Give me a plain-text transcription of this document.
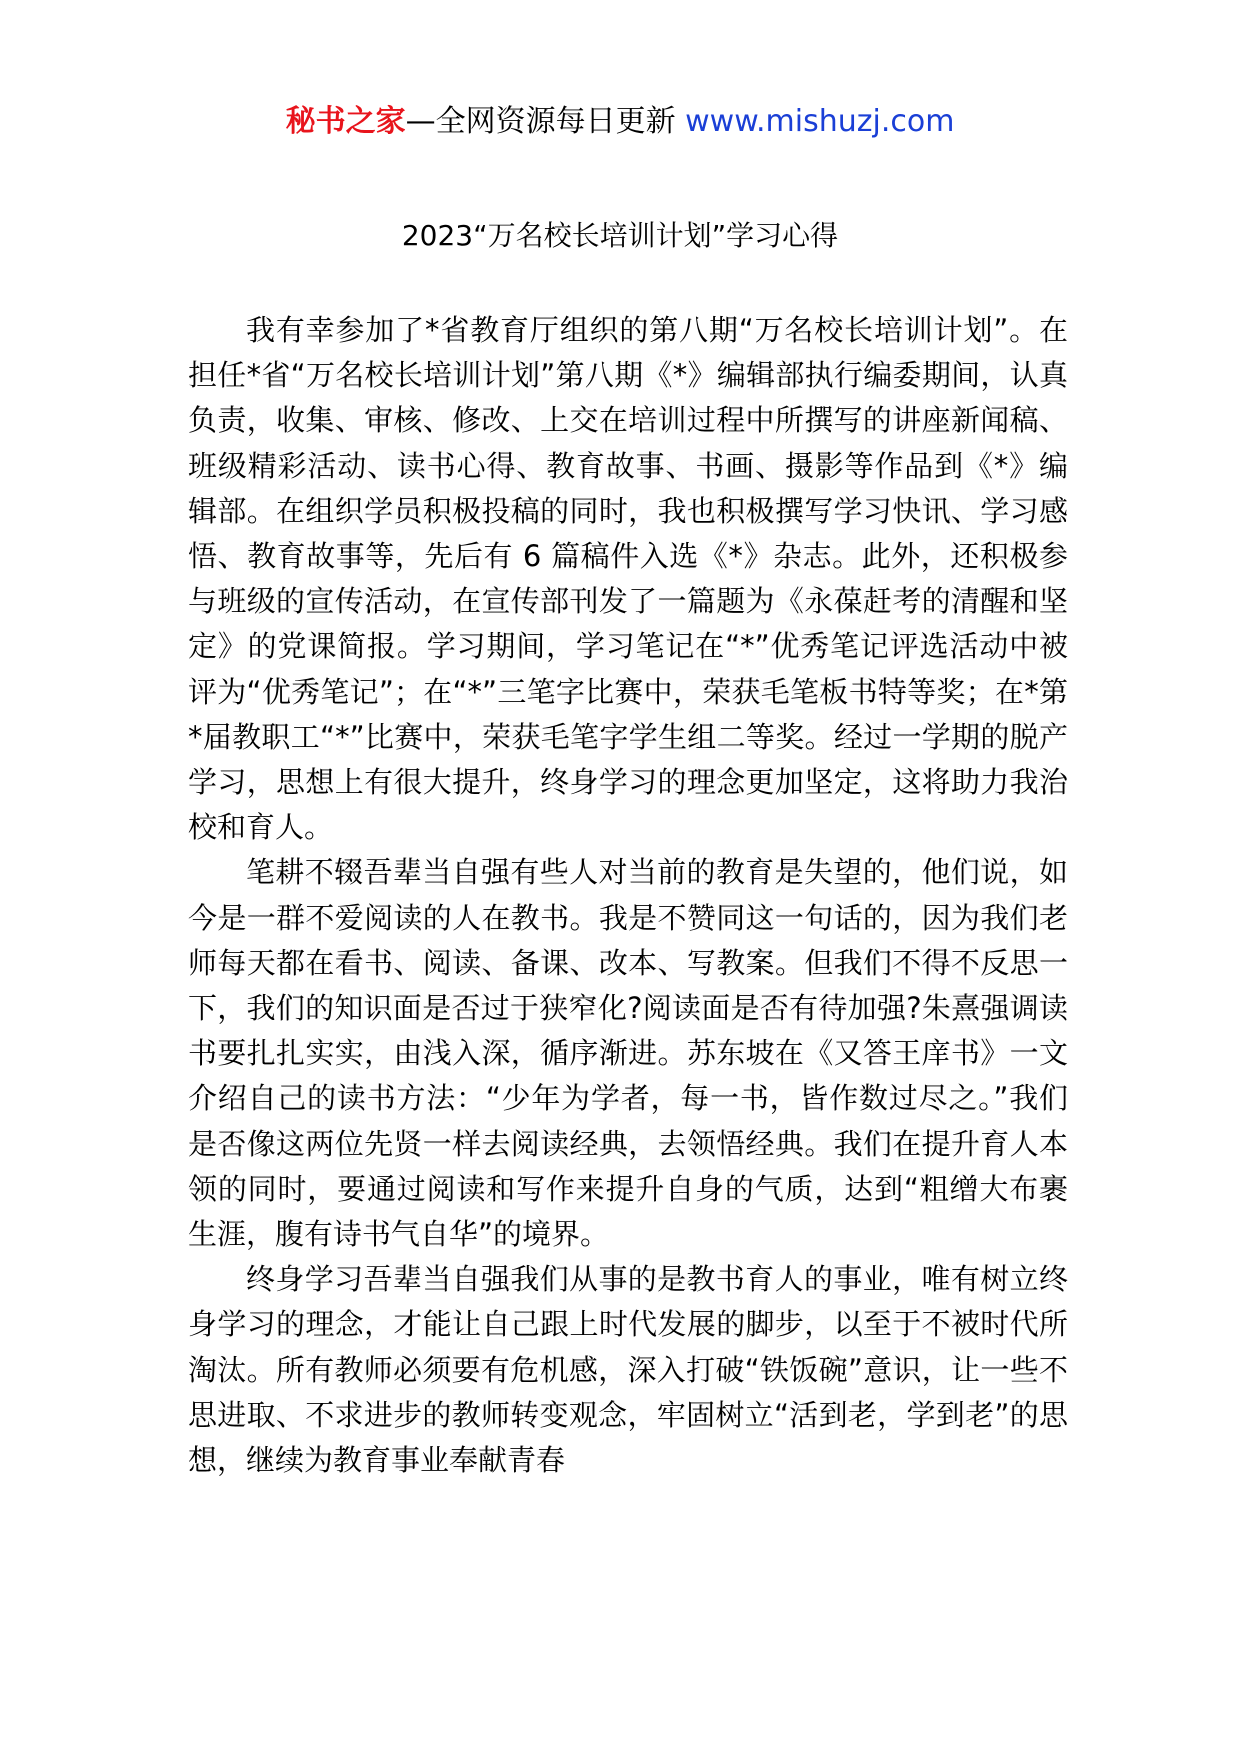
秘书之家—全网资源每日更新 www.mishuzj.com
2023“万名校长培训计划”学习心得

我有幸参加了*省教育厅组织的第八期“万名校长培训计划”。在担任*省“万名校长培训计划”第八期《*》编辑部执行编委期间，认真负责，收集、审核、修改、上交在培训过程中所撰写的讲座新闻稿、班级精彩活动、读书心得、教育故事、书画、摄影等作品到《*》编辑部。在组织学员积极投稿的同时，我也积极撰写学习快讯、学习感悟、教育故事等，先后有 6 篇稿件入选《*》杂志。此外，还积极参与班级的宣传活动，在宣传部刊发了一篇题为《永葆赶考的清醒和坚定》的党课简报。学习期间，学习笔记在“*”优秀笔记评选活动中被评为“优秀笔记”；在“*”三笔字比赛中，荣获毛笔板书特等奖；在*第*届教职工“*”比赛中，荣获毛笔字学生组二等奖。经过一学期的脱产学习，思想上有很大提升，终身学习的理念更加坚定，这将助力我治校和育人。

笔耕不辍吾辈当自强有些人对当前的教育是失望的，他们说，如今是一群不爱阅读的人在教书。我是不赞同这一句话的，因为我们老师每天都在看书、阅读、备课、改本、写教案。但我们不得不反思一下，我们的知识面是否过于狭窄化?阅读面是否有待加强?朱熹强调读书要扎扎实实，由浅入深，循序渐进。苏东坡在《又答王庠书》一文介绍自己的读书方法：“少年为学者，每一书，皆作数过尽之。”我们是否像这两位先贤一样去阅读经典，去领悟经典。我们在提升育人本领的同时，要通过阅读和写作来提升自身的气质，达到“粗缯大布裹生涯，腹有诗书气自华”的境界。

终身学习吾辈当自强我们从事的是教书育人的事业，唯有树立终身学习的理念，才能让自己跟上时代发展的脚步，以至于不被时代所淘汰。所有教师必须要有危机感，深入打破“铁饭碗”意识，让一些不思进取、不求进步的教师转变观念，牢固树立“活到老，学到老”的思想，继续为教育事业奉献青春
